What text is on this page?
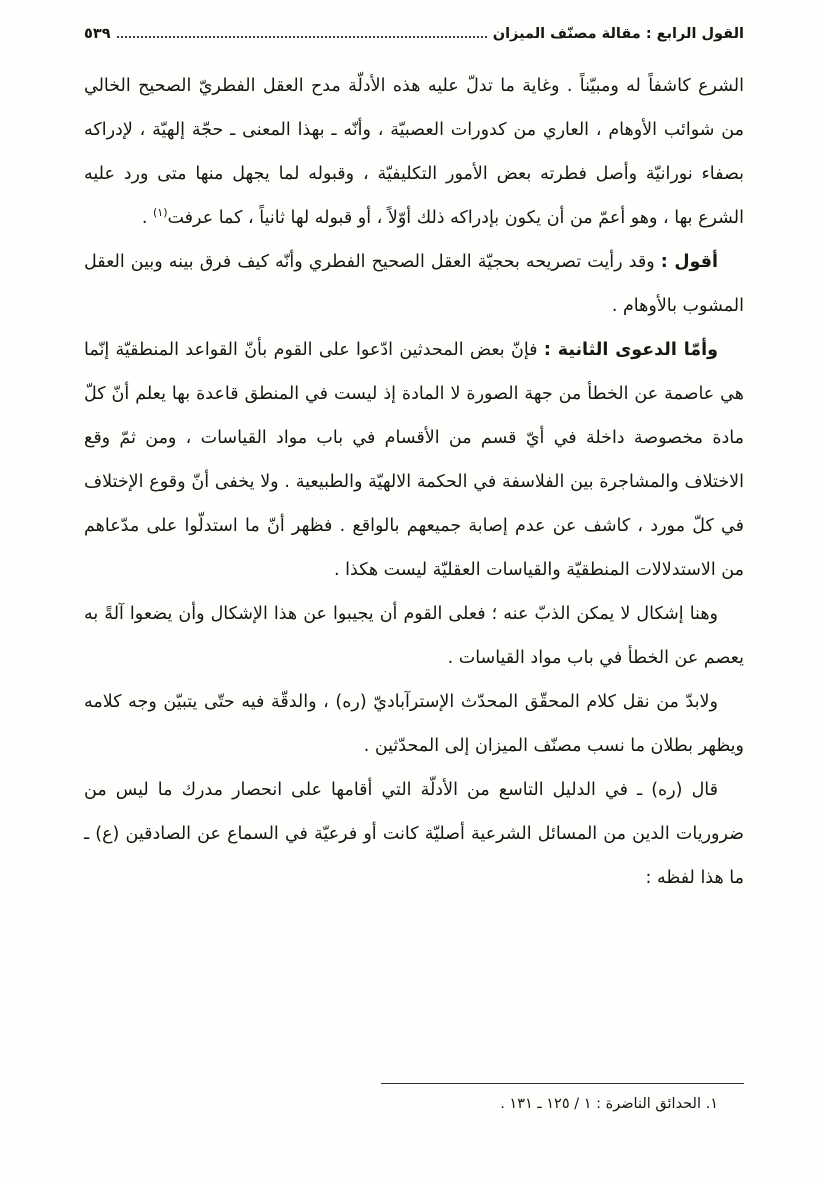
القول الرابع : مقالة مصنّف الميزان
٥٣٩

الشرع كاشفاً له ومبيّناً . وغاية ما تدلّ عليه هذه الأدلّة مدح العقل الفطريّ الصحيح الخالي من شوائب الأوهام ، العاري من كدورات العصبيّة ، وأنّه ـ بهذا المعنى ـ حجّة إلهيّة ، لإدراكه بصفاء نورانيّة وأصل فطرته بعض الأمور التكليفيّة ، وقبوله لما يجهل منها متى ورد عليه الشرع بها ، وهو أعمّ من أن يكون بإدراكه ذلك أوّلاً ، أو قبوله لها ثانياً ، كما عرفت$^{(١)}$ .

أقول : وقد رأيت تصريحه بحجيّة العقل الصحيح الفطري وأنّه كيف فرق بينه وبين العقل المشوب بالأوهام .

وأمّا الدعوى الثانية : فإنّ بعض المحدثين ادّعوا على القوم بأنّ القواعد المنطقيّة إنّما هي عاصمة عن الخطأ من جهة الصورة لا المادة إذ ليست في المنطق قاعدة بها يعلم أنّ كلّ مادة مخصوصة داخلة في أيّ قسم من الأقسام في باب مواد القياسات ، ومن ثمّ وقع الاختلاف والمشاجرة بين الفلاسفة في الحكمة الالهيّة والطبيعية . ولا يخفى أنّ وقوع الإختلاف في كلّ مورد ، كاشف عن عدم إصابة جميعهم بالواقع . فظهر أنّ ما استدلّوا على مدّعاهم من الاستدلالات المنطقيّة والقياسات العقليّة ليست هكذا .

وهنا إشكال لا يمكن الذبّ عنه ؛ فعلى القوم أن يجيبوا عن هذا الإشكال وأن يضعوا آلةً به يعصم عن الخطأ في باب مواد القياسات .

ولابدّ من نقل كلام المحقّق المحدّث الإسترآباديّ (ره) ، والدقّة فيه حتّى يتبيّن وجه كلامه ويظهر بطلان ما نسب مصنّف الميزان إلى المحدّثين .

قال (ره) ـ في الدليل التاسع من الأدلّة التي أقامها على انحصار مدرك ما ليس من ضروريات الدين من المسائل الشرعية أصليّة كانت أو فرعيّة في السماع عن الصادقين (ع) ـ ما هذا لفظه :

١. الحدائق الناضرة : ١ / ١٢٥ ـ ١٣١ .
